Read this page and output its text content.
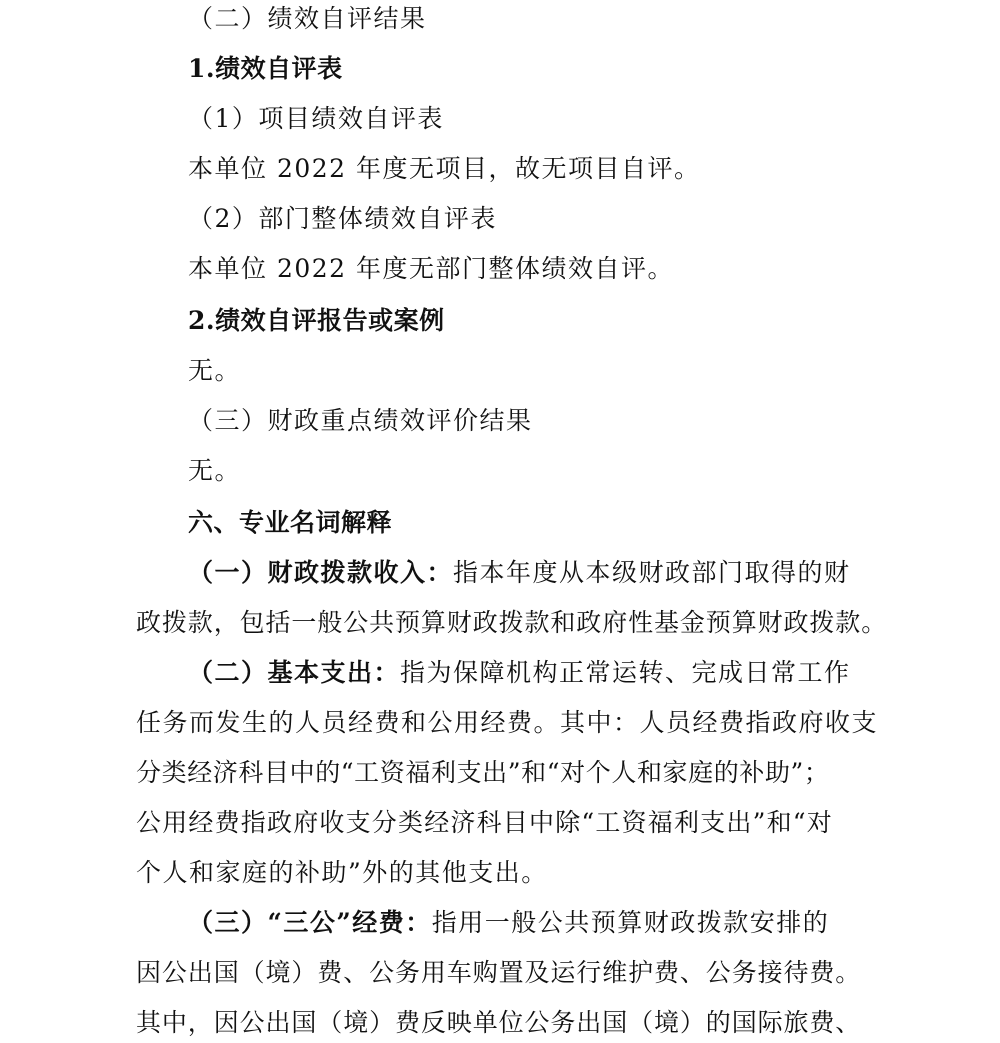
（二）绩效自评结果
1.绩效自评表
（1）项目绩效自评表
本单位 2022 年度无项目，故无项目自评。
（2）部门整体绩效自评表
本单位 2022 年度无部门整体绩效自评。
2.绩效自评报告或案例
无。
（三）财政重点绩效评价结果
无。
六、专业名词解释
（一）财政拨款收入：指本年度从本级财政部门取得的财
政拨款，包括一般公共预算财政拨款和政府性基金预算财政拨款。
（二）基本支出：指为保障机构正常运转、完成日常工作
任务而发生的人员经费和公用经费。其中：人员经费指政府收支
分类经济科目中的“工资福利支出”和“对个人和家庭的补助”；
公用经费指政府收支分类经济科目中除“工资福利支出”和“对
个人和家庭的补助”外的其他支出。
（三）“三公”经费：指用一般公共预算财政拨款安排的
因公出国（境）费、公务用车购置及运行维护费、公务接待费。
其中，因公出国（境）费反映单位公务出国（境）的国际旅费、
